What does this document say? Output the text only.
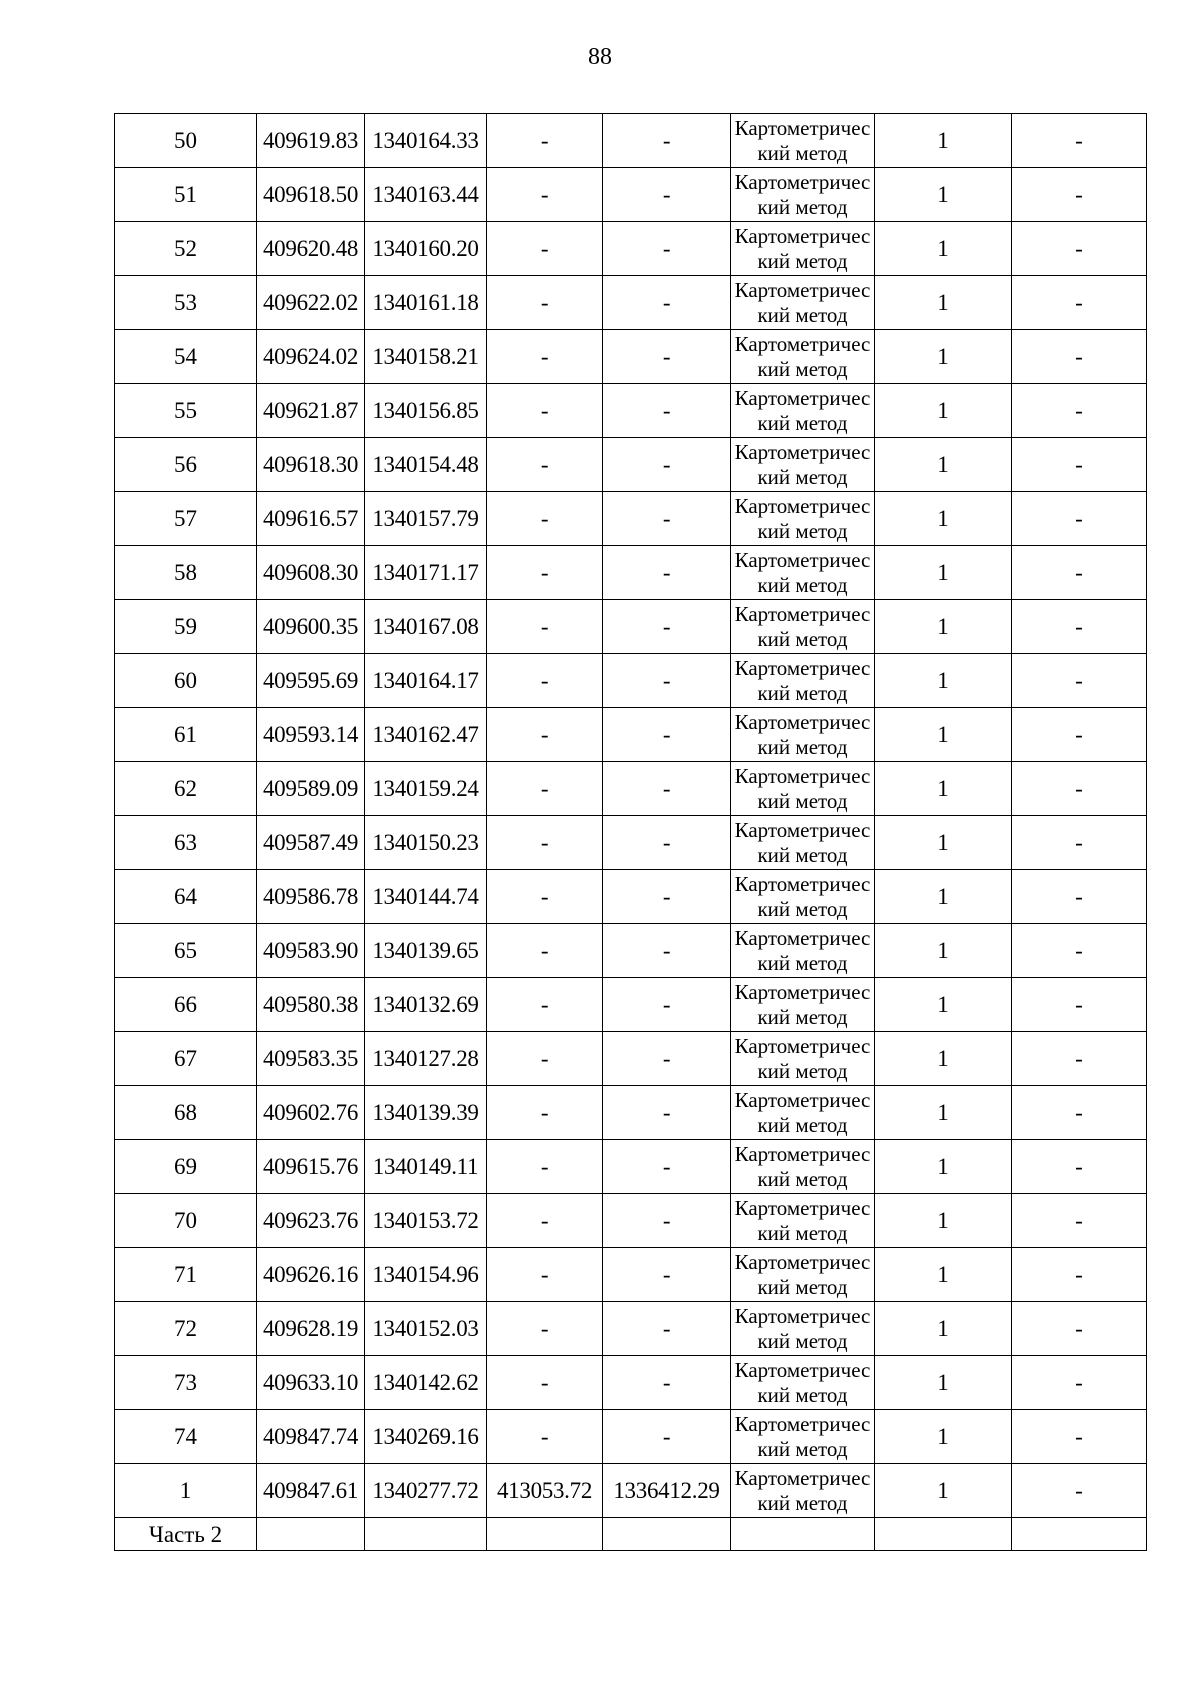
88
50	409619.83	1340164.33	-	-	Картометрический метод	1	-
51	409618.50	1340163.44	-	-	Картометрический метод	1	-
52	409620.48	1340160.20	-	-	Картометрический метод	1	-
53	409622.02	1340161.18	-	-	Картометрический метод	1	-
54	409624.02	1340158.21	-	-	Картометрический метод	1	-
55	409621.87	1340156.85	-	-	Картометрический метод	1	-
56	409618.30	1340154.48	-	-	Картометрический метод	1	-
57	409616.57	1340157.79	-	-	Картометрический метод	1	-
58	409608.30	1340171.17	-	-	Картометрический метод	1	-
59	409600.35	1340167.08	-	-	Картометрический метод	1	-
60	409595.69	1340164.17	-	-	Картометрический метод	1	-
61	409593.14	1340162.47	-	-	Картометрический метод	1	-
62	409589.09	1340159.24	-	-	Картометрический метод	1	-
63	409587.49	1340150.23	-	-	Картометрический метод	1	-
64	409586.78	1340144.74	-	-	Картометрический метод	1	-
65	409583.90	1340139.65	-	-	Картометрический метод	1	-
66	409580.38	1340132.69	-	-	Картометрический метод	1	-
67	409583.35	1340127.28	-	-	Картометрический метод	1	-
68	409602.76	1340139.39	-	-	Картометрический метод	1	-
69	409615.76	1340149.11	-	-	Картометрический метод	1	-
70	409623.76	1340153.72	-	-	Картометрический метод	1	-
71	409626.16	1340154.96	-	-	Картометрический метод	1	-
72	409628.19	1340152.03	-	-	Картометрический метод	1	-
73	409633.10	1340142.62	-	-	Картометрический метод	1	-
74	409847.74	1340269.16	-	-	Картометрический метод	1	-
1	409847.61	1340277.72	413053.72	1336412.29	Картометрический метод	1	-
Часть 2							
